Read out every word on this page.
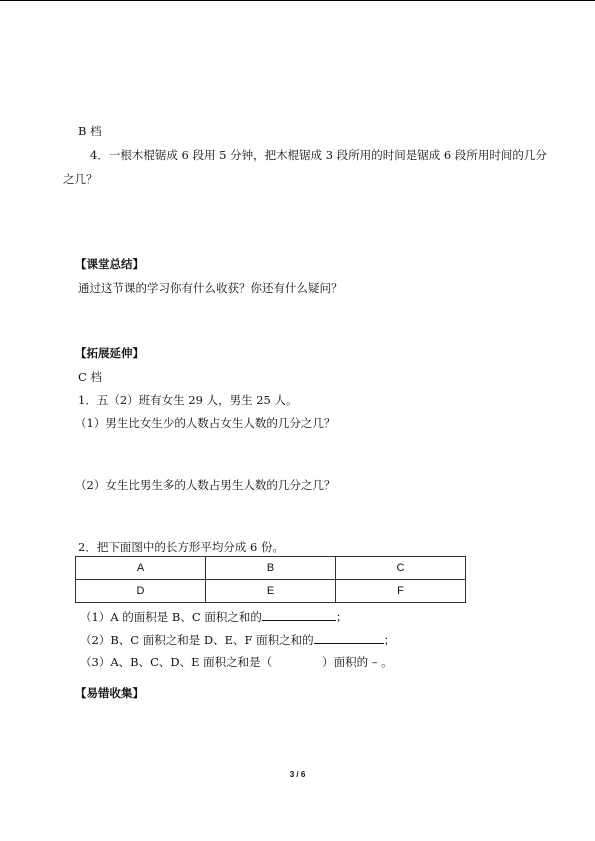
B 档
4．一根木棍锯成 6 段用 5 分钟，把木棍锯成 3 段所用的时间是锯成 6 段所用时间的几分
之几？
【课堂总结】
通过这节课的学习你有什么收获？你还有什么疑问？
【拓展延伸】
C 档
1．五（2）班有女生 29 人，男生 25 人。
（1）男生比女生少的人数占女生人数的几分之几？
（2）女生比男生多的人数占男生人数的几分之几？
2．把下面图中的长方形平均分成 6 份。
A	B	C
D	E	F
（1）A 的面积是 B、C 面积之和的	；
（2）B、C 面积之和是 D、E、F 面积之和的	；
（3）A、B、C、D、E 面积之和是（	）面积的 – 。
【易错收集】
3 / 6
